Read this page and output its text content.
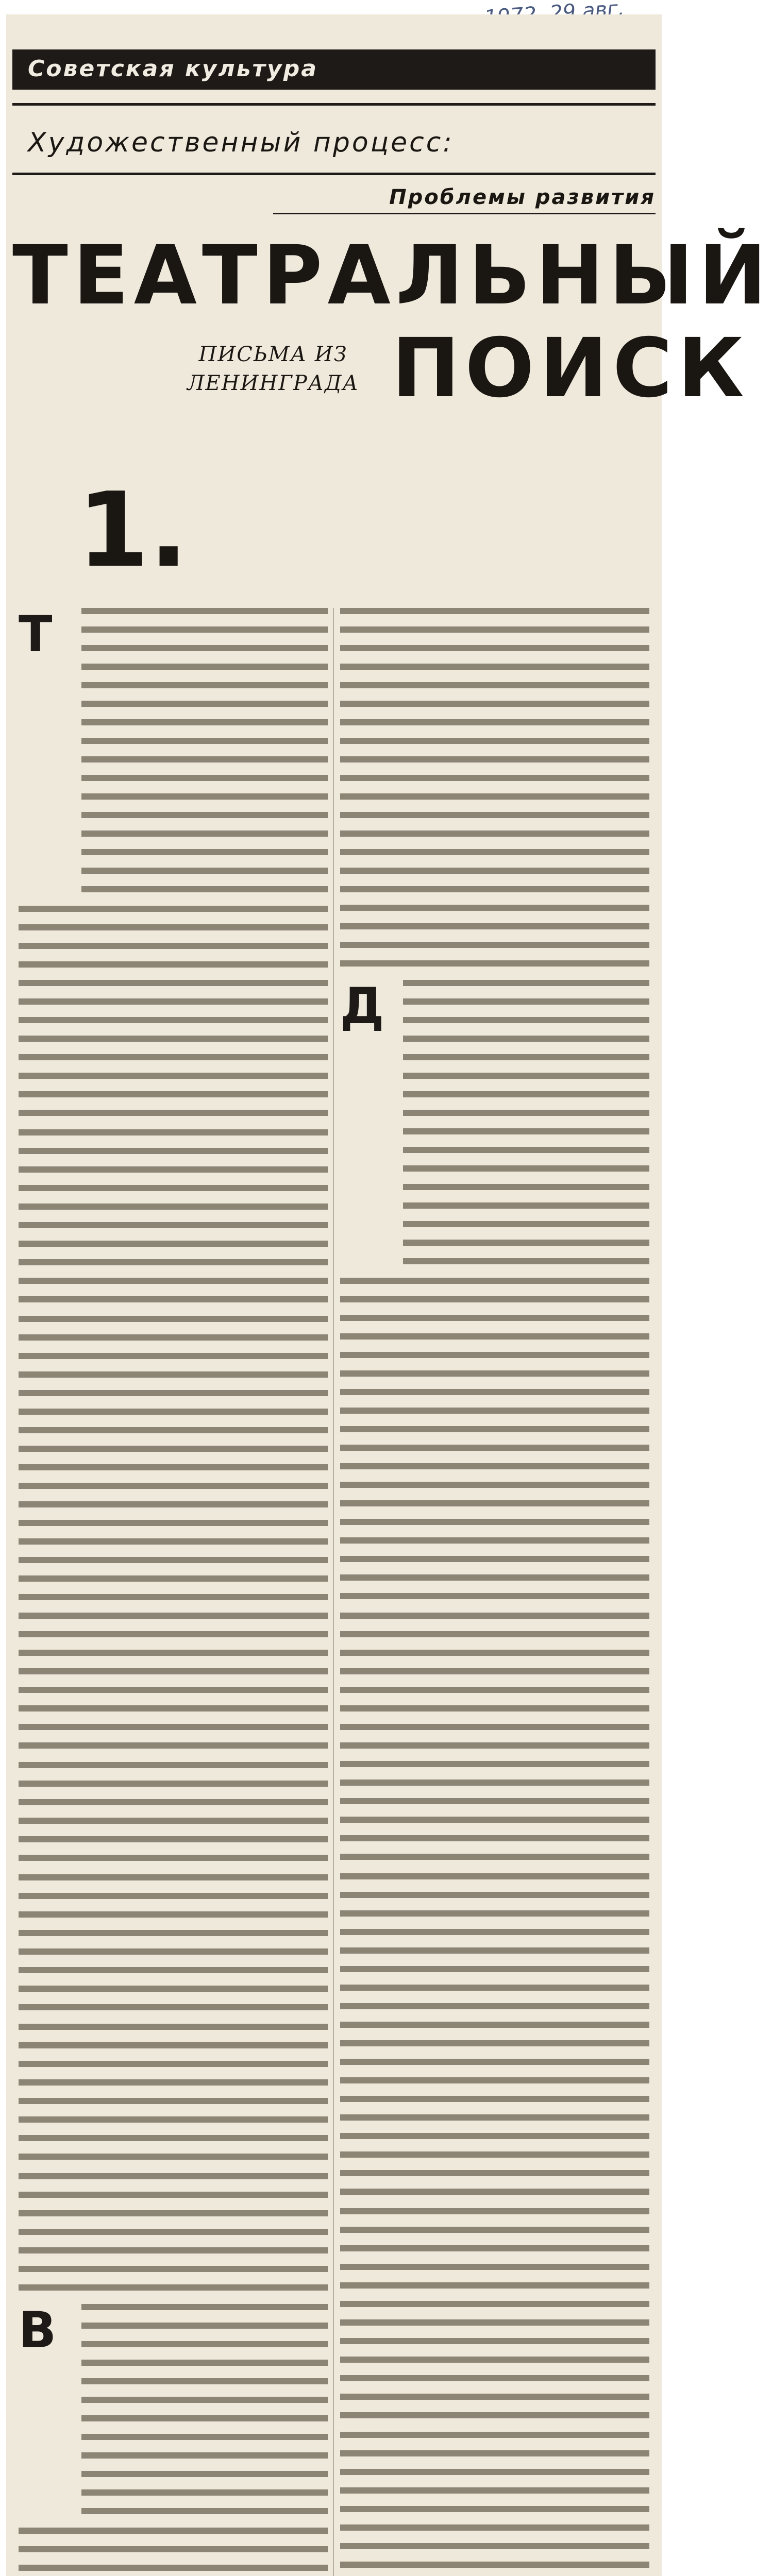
Советская культура
Художественный процесс:
Проблемы развития
ТЕАТРАЛЬНЫЙ
ПИСЬМА ИЗ ЛЕНИНГРАДА ПОИСК
1.
Т
В
Д
